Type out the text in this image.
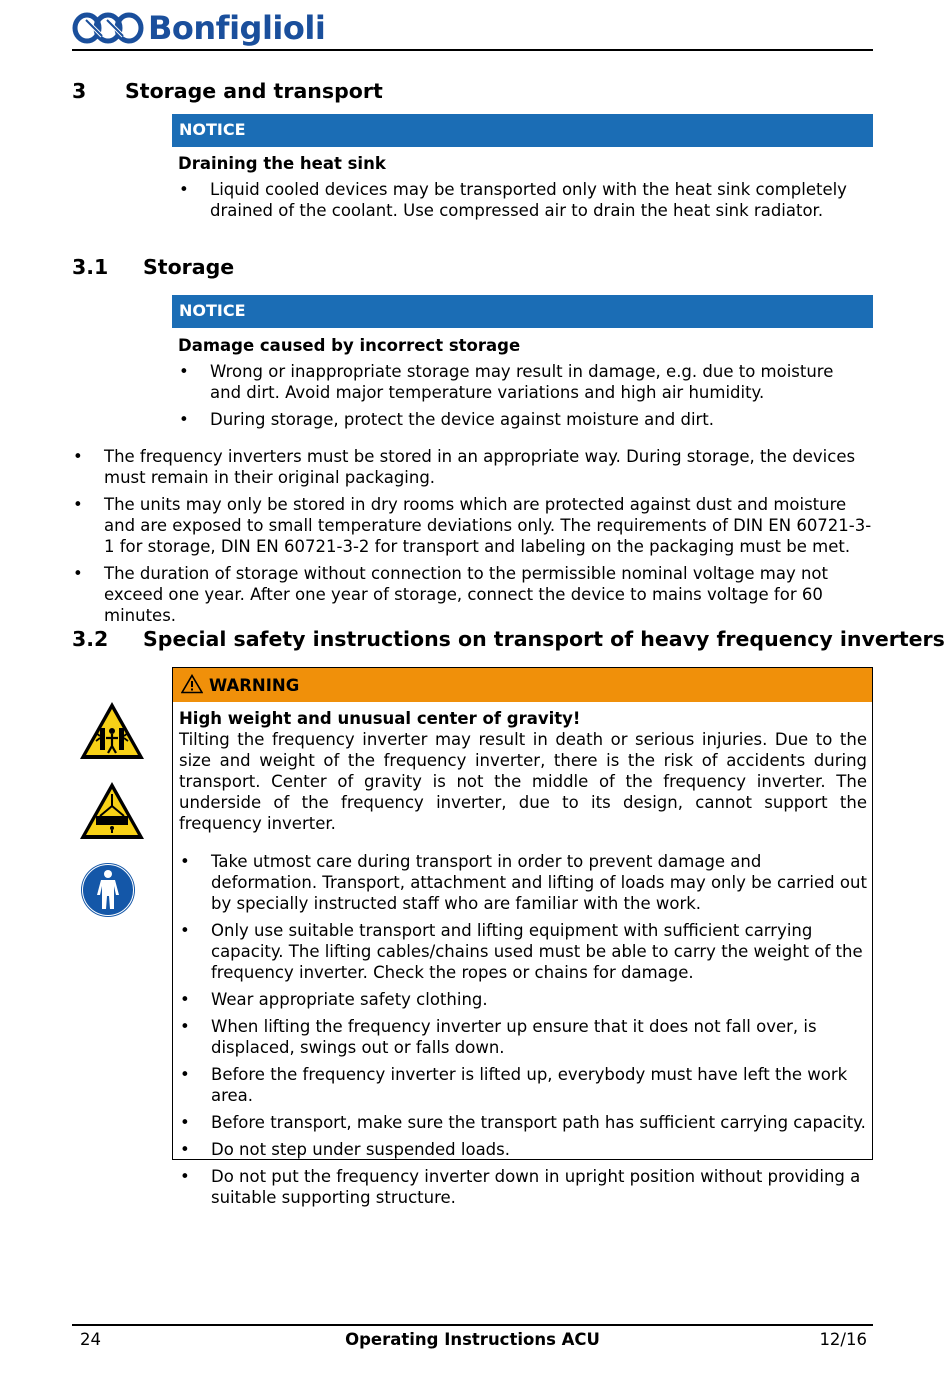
Bonfiglioli
3 Storage and transport
NOTICE
Draining the heat sink
• Liquid cooled devices may be transported only with the heat sink completely drained of the coolant. Use compressed air to drain the heat sink radiator.
3.1 Storage
NOTICE
Damage caused by incorrect storage
• Wrong or inappropriate storage may result in damage, e.g. due to moisture and dirt. Avoid major temperature variations and high air humidity.
• During storage, protect the device against moisture and dirt.
• The frequency inverters must be stored in an appropriate way. During storage, the devices must remain in their original packaging.
• The units may only be stored in dry rooms which are protected against dust and moisture and are exposed to small temperature deviations only. The requirements of DIN EN 60721-3-1 for storage, DIN EN 60721-3-2 for transport and labeling on the packaging must be met.
• The duration of storage without connection to the permissible nominal voltage may not exceed one year. After one year of storage, connect the device to mains voltage for 60 minutes.
3.2 Special safety instructions on transport of heavy frequency inverters
WARNING
High weight and unusual center of gravity!

Tilting the frequency inverter may result in death or serious injuries. Due to the size and weight of the frequency inverter, there is the risk of accidents during transport. Center of gravity is not the middle of the frequency inverter. The underside of the frequency inverter, due to its design, cannot support the frequency inverter.

• Take utmost care during transport in order to prevent damage and deformation. Transport, attachment and lifting of loads may only be carried out by specially instructed staff who are familiar with the work.
• Only use suitable transport and lifting equipment with sufficient carrying capacity. The lifting cables/chains used must be able to carry the weight of the frequency inverter. Check the ropes or chains for damage.
• Wear appropriate safety clothing.
• When lifting the frequency inverter up ensure that it does not fall over, is displaced, swings out or falls down.
• Before the frequency inverter is lifted up, everybody must have left the work area.
• Before transport, make sure the transport path has sufficient carrying capacity.
• Do not step under suspended loads.
• Do not put the frequency inverter down in upright position without providing a suitable supporting structure.
24	Operating Instructions ACU	12/16
